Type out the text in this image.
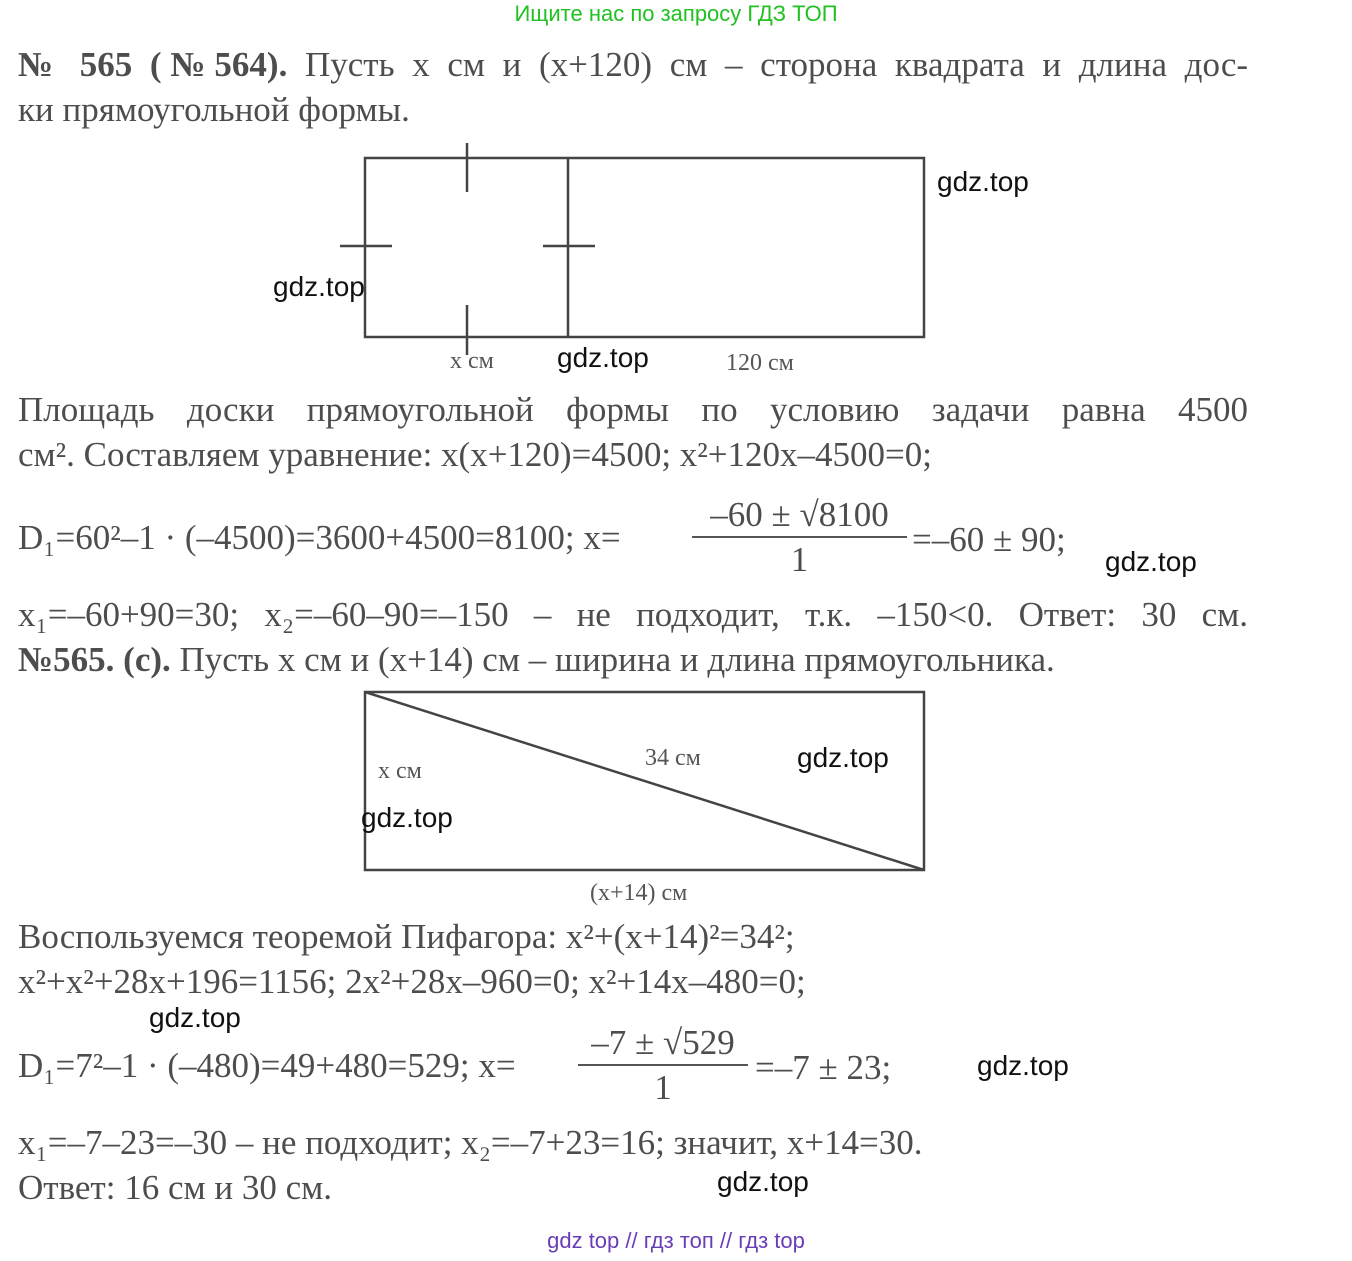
Ищите нас по запросу ГДЗ ТОП
№ 565 (№564). Пусть x см и (x+120) см – сторона квадрата и длина дос-
ки прямоугольной формы.
x см	120 см
Площадь доски прямоугольной формы по условию задачи равна 4500
см². Составляем уравнение: x(x+120)=4500; x²+120x–4500=0;
D₁=60²–1 · (–4500)=3600+4500=8100; $x= \frac{-60 \pm √8100}{1} =-60 \pm 90$;
x₁=–60+90=30; x₂=–60–90=–150 – не подходит, т.к. –150<0. Ответ: 30 см.
№565. (с). Пусть x см и (x+14) см – ширина и длина прямоугольника.
x см	34 см
(x+14) см
Воспользуемся теоремой Пифагора: x²+(x+14)²=34²;
x²+x²+28x+196=1156; 2x²+28x–960=0; x²+14x–480=0;
D₁=7²–1 · (–480)=49+480=529; $x= \frac{-7 \pm √529}{1} =-7 \pm 23$;
x₁=–7–23=–30 – не подходит; x₂=–7+23=16; значит, x+14=30.
Ответ: 16 см и 30 см.
gdz.top
gdz.top
gdz.top
gdz.top
gdz.top
gdz.top
gdz.top
gdz.top
gdz.top
gdz top // гдз топ // гдз top
